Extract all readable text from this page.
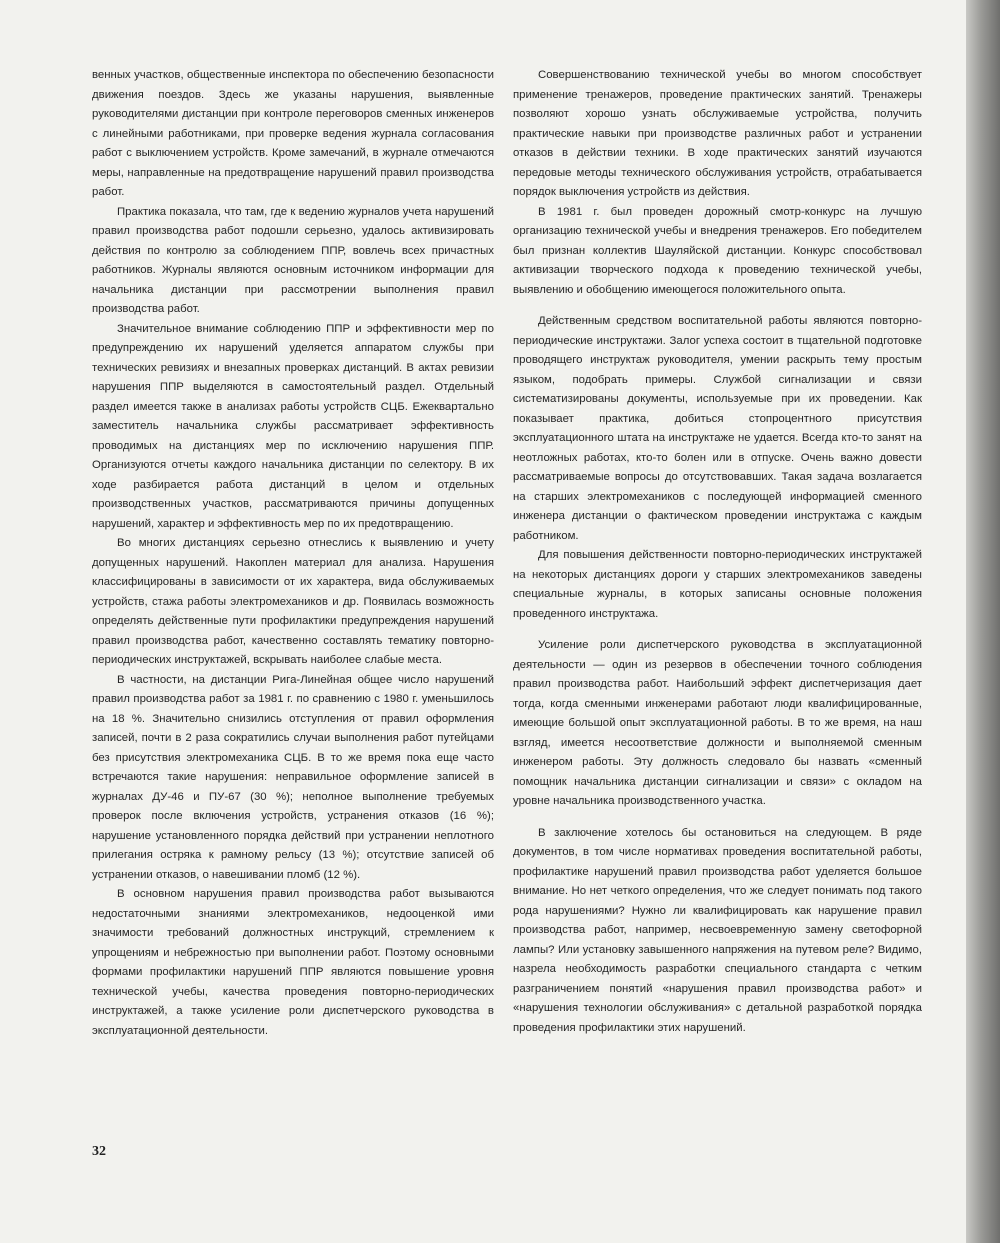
венных участков, общественные инспектора по обеспечению безопасности движения поездов. Здесь же указаны нарушения, выявленные руководителями дистанции при контроле переговоров сменных инженеров с линейными работниками, при проверке ведения журнала согласования работ с выключением устройств. Кроме замечаний, в журнале отмечаются меры, направленные на предотвращение нарушений правил производства работ.

Практика показала, что там, где к ведению журналов учета нарушений правил производства работ подошли серьезно, удалось активизировать действия по контролю за соблюдением ППР, вовлечь всех причастных работников. Журналы являются основным источником информации для начальника дистанции при рассмотрении выполнения правил производства работ.

Значительное внимание соблюдению ППР и эффективности мер по предупреждению их нарушений уделяется аппаратом службы при технических ревизиях и внезапных проверках дистанций. В актах ревизии нарушения ППР выделяются в самостоятельный раздел. Отдельный раздел имеется также в анализах работы устройств СЦБ. Ежеквартально заместитель начальника службы рассматривает эффективность проводимых на дистанциях мер по исключению нарушения ППР. Организуются отчеты каждого начальника дистанции по селектору. В их ходе разбирается работа дистанций в целом и отдельных производственных участков, рассматриваются причины допущенных нарушений, характер и эффективность мер по их предотвращению.

Во многих дистанциях серьезно отнеслись к выявлению и учету допущенных нарушений. Накоплен материал для анализа. Нарушения классифицированы в зависимости от их характера, вида обслуживаемых устройств, стажа работы электромехаников и др. Появилась возможность определять действенные пути профилактики предупреждения нарушений правил производства работ, качественно составлять тематику повторно-периодических инструктажей, вскрывать наиболее слабые места.

В частности, на дистанции Рига-Линейная общее число нарушений правил производства работ за 1981 г. по сравнению с 1980 г. уменьшилось на 18 %. Значительно снизились отступления от правил оформления записей, почти в 2 раза сократились случаи выполнения работ путейцами без присутствия электромеханика СЦБ. В то же время пока еще часто встречаются такие нарушения: неправильное оформление записей в журналах ДУ-46 и ПУ-67 (30 %); неполное выполнение требуемых проверок после включения устройств, устранения отказов (16 %); нарушение установленного порядка действий при устранении неплотного прилегания остряка к рамному рельсу (13 %); отсутствие записей об устранении отказов, о навешивании пломб (12 %).

В основном нарушения правил производства работ вызываются недостаточными знаниями электромехаников, недооценкой ими значимости требований должностных инструкций, стремлением к упрощениям и небрежностью при выполнении работ. Поэтому основными формами профилактики нарушений ППР являются повышение уровня технической учебы, качества проведения повторно-периодических инструктажей, а также усиление роли диспетчерского руководства в эксплуатационной деятельности.

Совершенствованию технической учебы во многом способствует применение тренажеров, проведение практических занятий. Тренажеры позволяют хорошо узнать обслуживаемые устройства, получить практические навыки при производстве различных работ и устранении отказов в действии техники. В ходе практических занятий изучаются передовые методы технического обслуживания устройств, отрабатывается порядок выключения устройств из действия.

В 1981 г. был проведен дорожный смотр-конкурс на лучшую организацию технической учебы и внедрения тренажеров. Его победителем был признан коллектив Шауляйской дистанции. Конкурс способствовал активизации творческого подхода к проведению технической учебы, выявлению и обобщению имеющегося положительного опыта.

Действенным средством воспитательной работы являются повторно-периодические инструктажи. Залог успеха состоит в тщательной подготовке проводящего инструктаж руководителя, умении раскрыть тему простым языком, подобрать примеры. Службой сигнализации и связи систематизированы документы, используемые при их проведении. Как показывает практика, добиться стопроцентного присутствия эксплуатационного штата на инструктаже не удается. Всегда кто-то занят на неотложных работах, кто-то болен или в отпуске. Очень важно довести рассматриваемые вопросы до отсутствовавших. Такая задача возлагается на старших электромехаников с последующей информацией сменного инженера дистанции о фактическом проведении инструктажа с каждым работником.

Для повышения действенности повторно-периодических инструктажей на некоторых дистанциях дороги у старших электромехаников заведены специальные журналы, в которых записаны основные положения проведенного инструктажа.

Усиление роли диспетчерского руководства в эксплуатационной деятельности — один из резервов в обеспечении точного соблюдения правил производства работ. Наибольший эффект диспетчеризация дает тогда, когда сменными инженерами работают люди квалифицированные, имеющие большой опыт эксплуатационной работы. В то же время, на наш взгляд, имеется несоответствие должности и выполняемой сменным инженером работы. Эту должность следовало бы назвать «сменный помощник начальника дистанции сигнализации и связи» с окладом на уровне начальника производственного участка.

В заключение хотелось бы остановиться на следующем. В ряде документов, в том числе нормативах проведения воспитательной работы, профилактике нарушений правил производства работ уделяется большое внимание. Но нет четкого определения, что же следует понимать под такого рода нарушениями? Нужно ли квалифицировать как нарушение правил производства работ, например, несвоевременную замену светофорной лампы? Или установку завышенного напряжения на путевом реле? Видимо, назрела необходимость разработки специального стандарта с четким разграничением понятий «нарушения правил производства работ» и «нарушения технологии обслуживания» с детальной разработкой порядка проведения профилактики этих нарушений.

32
